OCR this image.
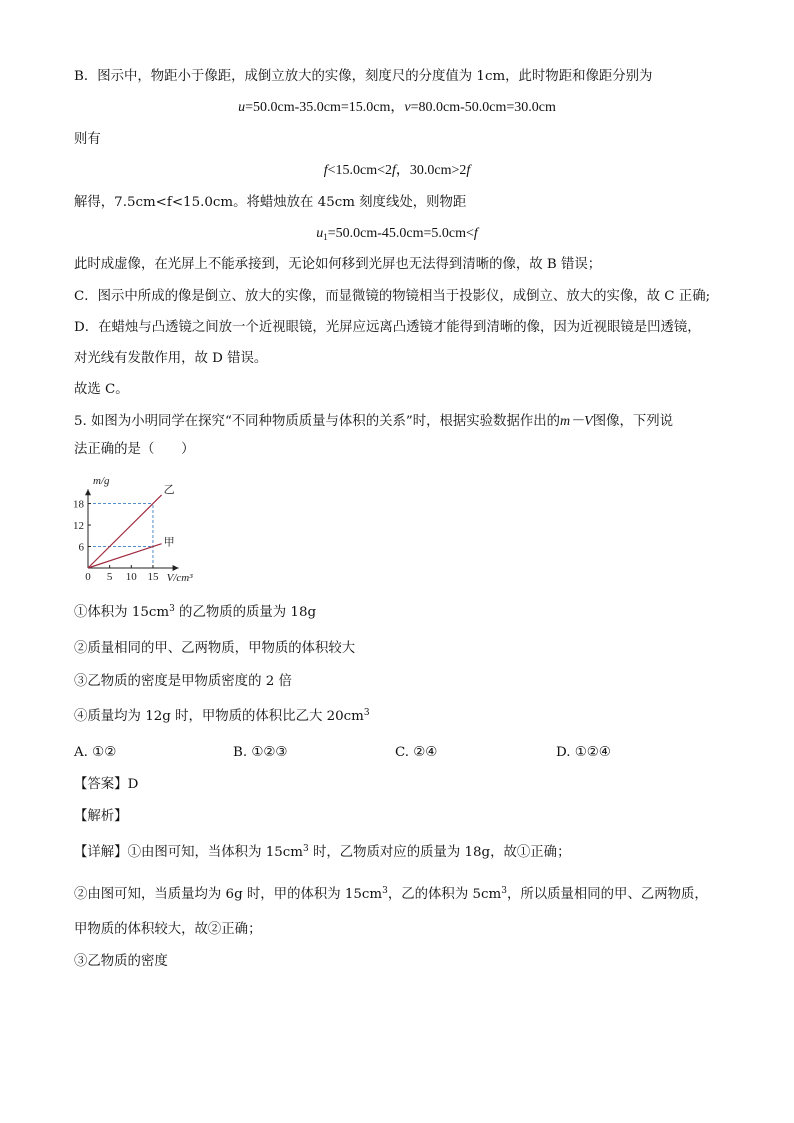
B．图示中，物距小于像距，成倒立放大的实像，刻度尺的分度值为 1cm，此时物距和像距分别为
u=50.0cm-35.0cm=15.0cm，v=80.0cm-50.0cm=30.0cm
则有
f<15.0cm<2f，30.0cm>2f
解得，7.5cm<f<15.0cm。将蜡烛放在 45cm 刻度线处，则物距
$u_1=50.0cm-45.0cm=5.0cm<f$
此时成虚像，在光屏上不能承接到，无论如何移到光屏也无法得到清晰的像，故 B 错误；
C．图示中所成的像是倒立、放大的实像，而显微镜的物镜相当于投影仪，成倒立、放大的实像，故 C 正确;
D．在蜡烛与凸透镜之间放一个近视眼镜，光屏应远离凸透镜才能得到清晰的像，因为近视眼镜是凹透镜，
对光线有发散作用，故 D 错误。
故选 C。
5. 如图为小明同学在探究“不同种物质质量与体积的关系”时，根据实验数据作出的m－V图像，下列说
法正确的是（　　）
0 5 10 15
6
12
18
乙
甲
m/g
V/cm³
①体积为 $15cm^3$ 的乙物质的质量为 18g
②质量相同的甲、乙两物质，甲物质的体积较大
③乙物质的密度是甲物质密度的 2 倍
④质量均为 12g 时，甲物质的体积比乙大 $20cm^3$
A. ①②	B. ①②③	C. ②④	D. ①②④
【答案】D
【解析】
【详解】①由图可知，当体积为 $15cm^3$ 时，乙物质对应的质量为 18g，故①正确；
②由图可知，当质量均为 6g 时，甲的体积为 $15cm^3$，乙的体积为 $5cm^3$，所以质量相同的甲、乙两物质，
甲物质的体积较大，故②正确；
③乙物质的密度
